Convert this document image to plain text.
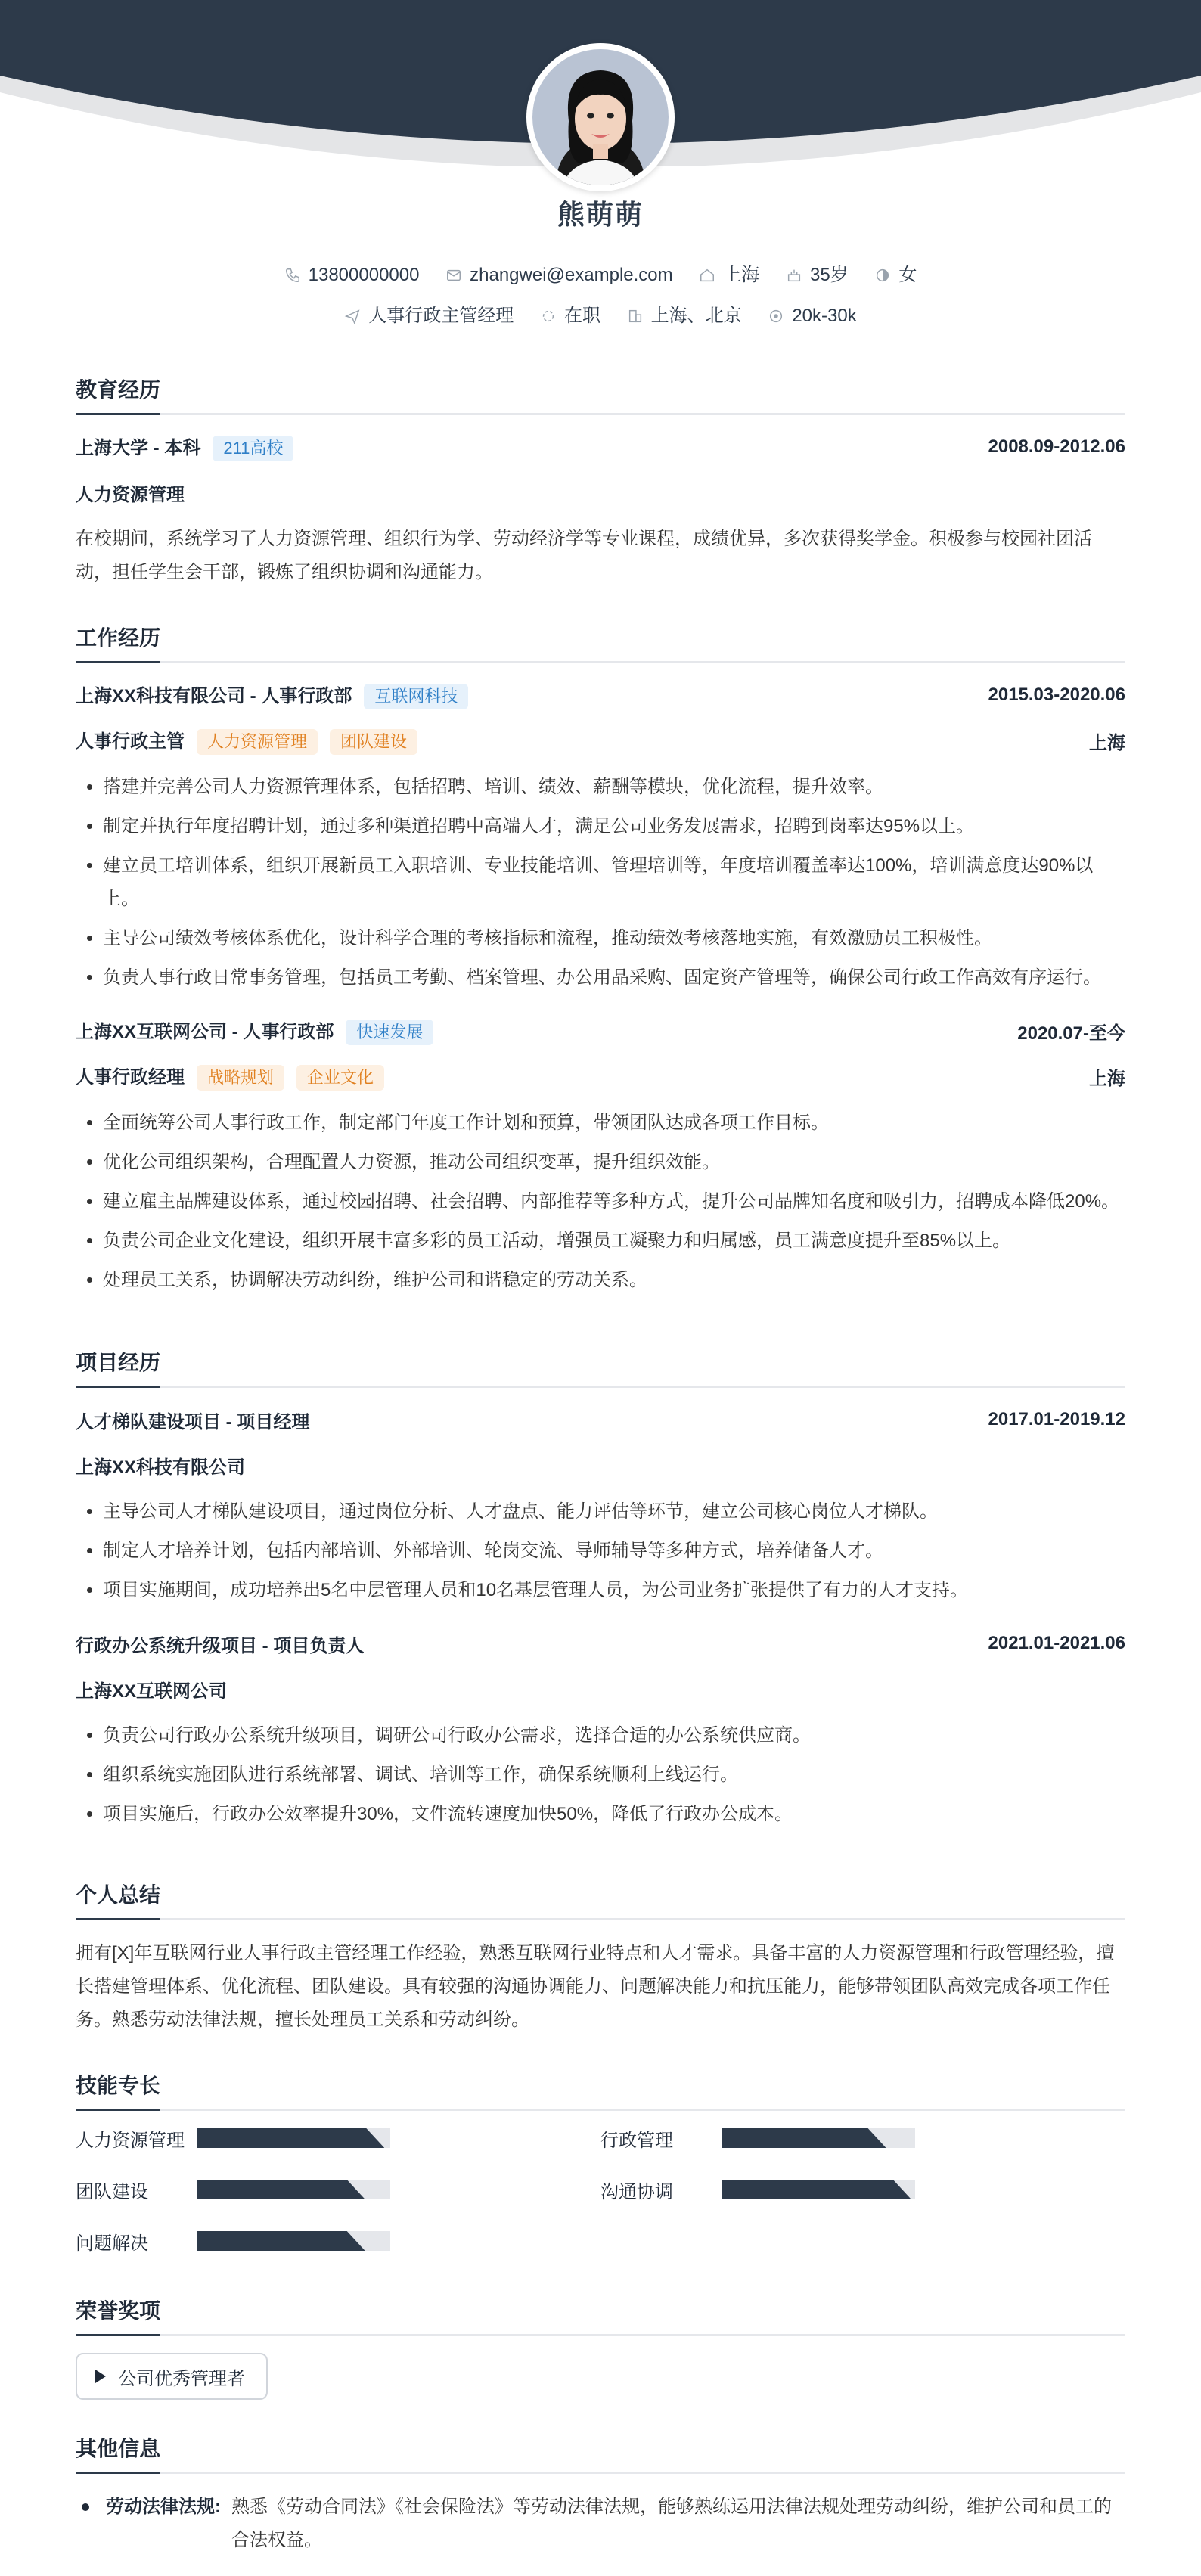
熊萌萌
13800000000	zhangwei@example.com	上海	35岁	女
人事行政主管经理	在职	上海、北京	20k-30k
教育经历
上海大学 - 本科 211高校	2008.09-2012.06
人力资源管理

在校期间，系统学习了人力资源管理、组织行为学、劳动经济学等专业课程，成绩优异，多次获得奖学金。积极参与校园社团活动，担任学生会干部，锻炼了组织协调和沟通能力。

工作经历
上海XX科技有限公司 - 人事行政部 互联网科技	2015.03-2020.06
人事行政主管 人力资源管理 团队建设	上海
• 搭建并完善公司人力资源管理体系，包括招聘、培训、绩效、薪酬等模块，优化流程，提升效率。
• 制定并执行年度招聘计划，通过多种渠道招聘中高端人才，满足公司业务发展需求，招聘到岗率达95%以上。
• 建立员工培训体系，组织开展新员工入职培训、专业技能培训、管理培训等，年度培训覆盖率达100%，培训满意度达90%以上。
• 主导公司绩效考核体系优化，设计科学合理的考核指标和流程，推动绩效考核落地实施，有效激励员工积极性。
• 负责人事行政日常事务管理，包括员工考勤、档案管理、办公用品采购、固定资产管理等，确保公司行政工作高效有序运行。
上海XX互联网公司 - 人事行政部 快速发展	2020.07-至今
人事行政经理 战略规划 企业文化	上海
• 全面统筹公司人事行政工作，制定部门年度工作计划和预算，带领团队达成各项工作目标。
• 优化公司组织架构，合理配置人力资源，推动公司组织变革，提升组织效能。
• 建立雇主品牌建设体系，通过校园招聘、社会招聘、内部推荐等多种方式，提升公司品牌知名度和吸引力，招聘成本降低20%。
• 负责公司企业文化建设，组织开展丰富多彩的员工活动，增强员工凝聚力和归属感，员工满意度提升至85%以上。
• 处理员工关系，协调解决劳动纠纷，维护公司和谐稳定的劳动关系。
项目经历
人才梯队建设项目 - 项目经理	2017.01-2019.12
上海XX科技有限公司
• 主导公司人才梯队建设项目，通过岗位分析、人才盘点、能力评估等环节，建立公司核心岗位人才梯队。
• 制定人才培养计划，包括内部培训、外部培训、轮岗交流、导师辅导等多种方式，培养储备人才。
• 项目实施期间，成功培养出5名中层管理人员和10名基层管理人员，为公司业务扩张提供了有力的人才支持。
行政办公系统升级项目 - 项目负责人	2021.01-2021.06
上海XX互联网公司
• 负责公司行政办公系统升级项目，调研公司行政办公需求，选择合适的办公系统供应商。
• 组织系统实施团队进行系统部署、调试、培训等工作，确保系统顺利上线运行。
• 项目实施后，行政办公效率提升30%，文件流转速度加快50%，降低了行政办公成本。
个人总结

拥有[X]年互联网行业人事行政主管经理工作经验，熟悉互联网行业特点和人才需求。具备丰富的人力资源管理和行政管理经验，擅长搭建管理体系、优化流程、团队建设。具有较强的沟通协调能力、问题解决能力和抗压能力，能够带领团队高效完成各项工作任务。熟悉劳动法律法规，擅长处理员工关系和劳动纠纷。

技能专长
人力资源管理	行政管理
团队建设	沟通协调
问题解决
荣誉奖项
公司优秀管理者
其他信息
劳动法律法规: 熟悉《劳动合同法》《社会保险法》等劳动法律法规，能够熟练运用法律法规处理劳动纠纷，维护公司和员工的合法权益。
